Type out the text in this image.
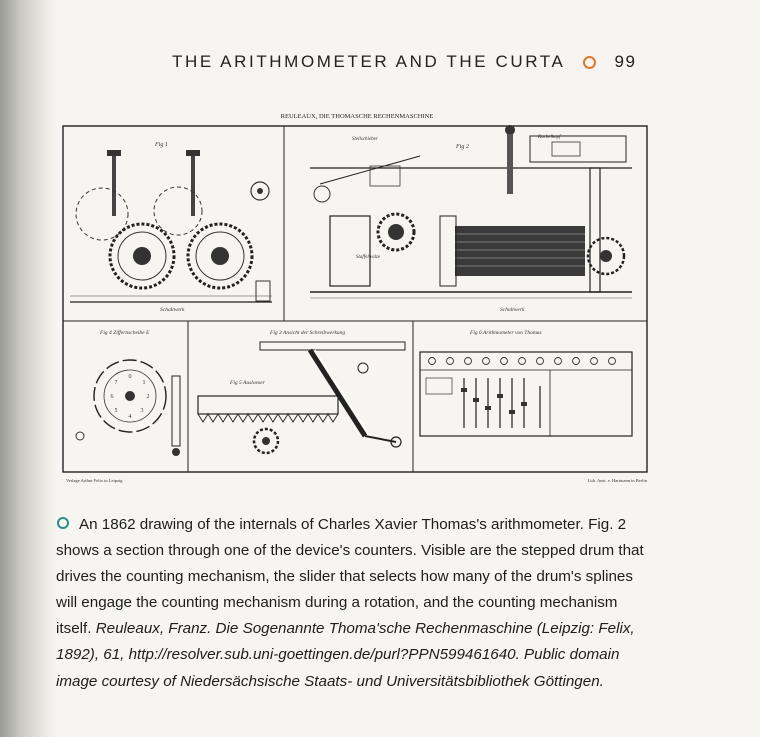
THE ARITHMOMETER AND THE CURTA	99
REULEAUX, DIE THOMASCHE RECHENMASCHINE
Fig 1
Schaltwerk
Fig 2
Kurbelkopf
Stellschieber
Schaltwerk
Staffelwalze
Fig 4 Ziffernscheibe E
0
1
2
3
4
5
6
7
Fig 3 Ansicht der Schreibwerkung
Fig 5 Ausloeser
Fig 6 Arithmometer von Thomas
Verlage Arthur Felix in Leipzig	Lith. Anst. v. Hartmann in Berlin
An 1862 drawing of the internals of Charles Xavier Thomas's arithmometer. Fig. 2 shows a section through one of the device's counters. Visible are the stepped drum that drives the counting mechanism, the slider that selects how many of the drum's splines will engage the counting mechanism during a rotation, and the counting mechanism itself. Reuleaux, Franz. Die Sogenannte Thoma'sche Rechenmaschine (Leipzig: Felix, 1892), 61, http://resolver.sub.uni-goettingen.de/purl?PPN599461640. Public domain image courtesy of Niedersächsische Staats- und Universitätsbibliothek Göttingen.
